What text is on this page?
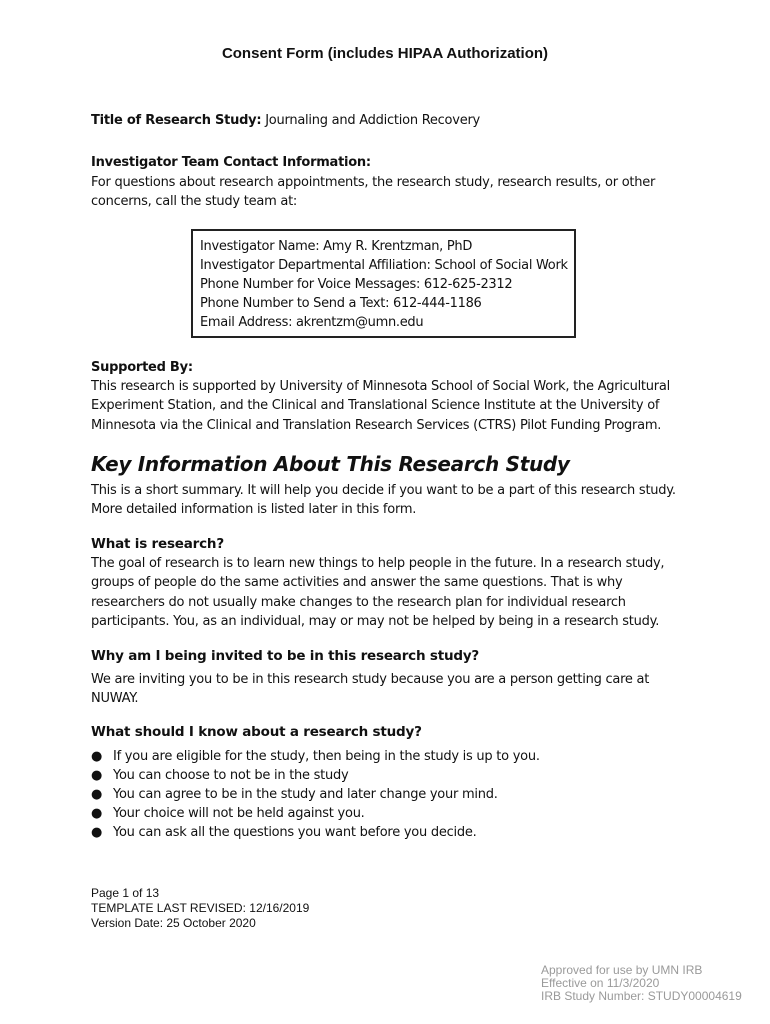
Consent Form (includes HIPAA Authorization)
Title of Research Study: Journaling and Addiction Recovery
Investigator Team Contact Information:
For questions about research appointments, the research study, research results, or other concerns, call the study team at:
Investigator Name: Amy R. Krentzman, PhD
Investigator Departmental Affiliation: School of Social Work
Phone Number for Voice Messages: 612-625-2312
Phone Number to Send a Text: 612-444-1186
Email Address: akrentzm@umn.edu
Supported By:
This research is supported by University of Minnesota School of Social Work, the Agricultural Experiment Station, and the Clinical and Translational Science Institute at the University of Minnesota via the Clinical and Translation Research Services (CTRS) Pilot Funding Program.
Key Information About This Research Study
This is a short summary. It will help you decide if you want to be a part of this research study. More detailed information is listed later in this form.
What is research?
The goal of research is to learn new things to help people in the future. In a research study, groups of people do the same activities and answer the same questions. That is why researchers do not usually make changes to the research plan for individual research participants. You, as an individual, may or may not be helped by being in a research study.
Why am I being invited to be in this research study?
We are inviting you to be in this research study because you are a person getting care at NUWAY.
What should I know about a research study?
● If you are eligible for the study, then being in the study is up to you.
● You can choose to not be in the study
● You can agree to be in the study and later change your mind.
● Your choice will not be held against you.
● You can ask all the questions you want before you decide.
Page 1 of 13
TEMPLATE LAST REVISED: 12/16/2019
Version Date: 25 October 2020
Approved for use by UMN IRB
Effective on 11/3/2020
IRB Study Number: STUDY00004619
